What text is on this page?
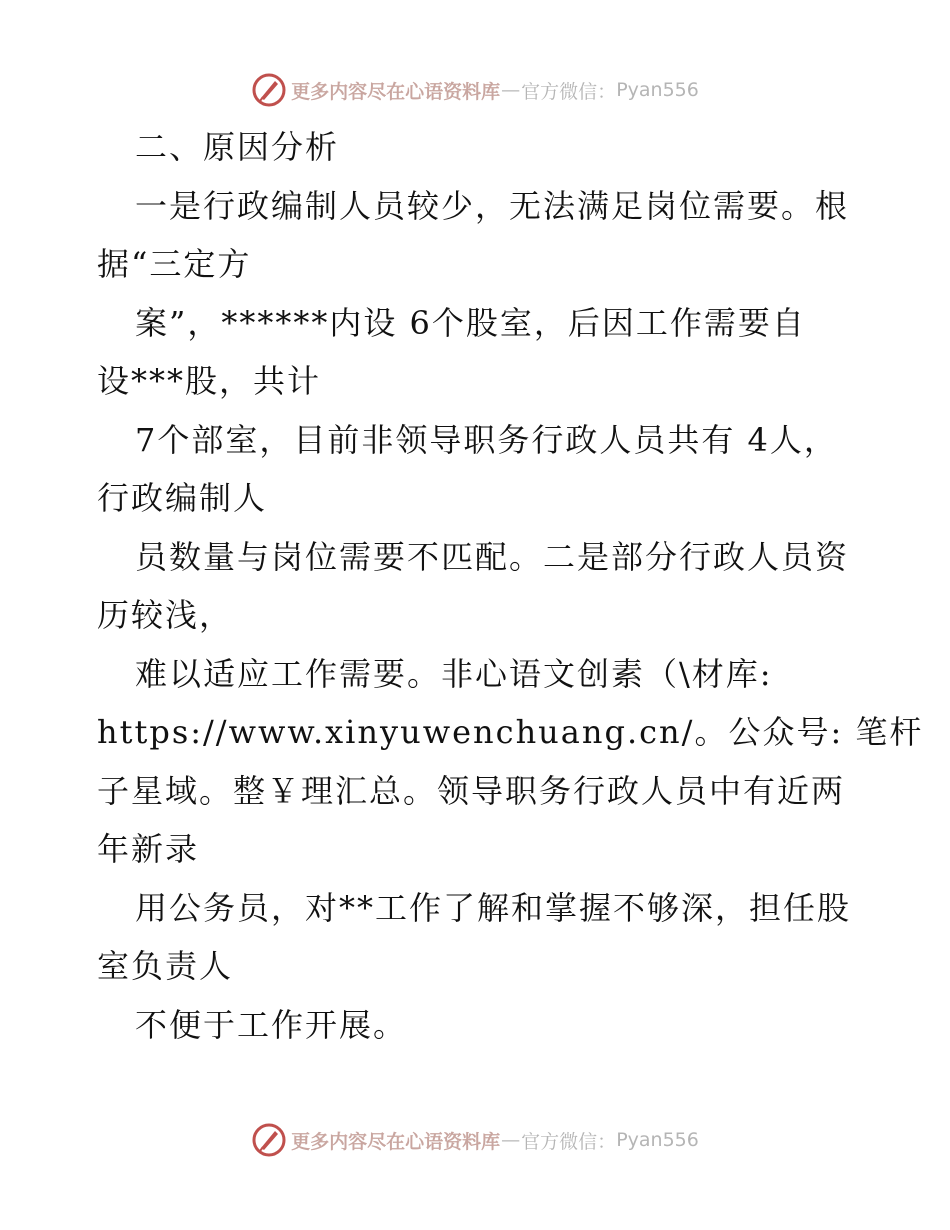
更多内容尽在心语资料库 — 官方微信： Pyan556
二、原因分析
一是行政编制人员较少，无法满足岗位需要。根
据“三定方
案”，******内设 6个股室，后因工作需要自
设***股，共计
7个部室，目前非领导职务行政人员共有 4人，
行政编制人
员数量与岗位需要不匹配。二是部分行政人员资
历较浅，
难以适应工作需要。非心语文创素（\材库:
https://www.xinyuwenchuang.cn/。公众号: 笔杆
子星域。整￥理汇总。领导职务行政人员中有近两
年新录
用公务员，对**工作了解和掌握不够深，担任股
室负责人
不便于工作开展。
更多内容尽在心语资料库 — 官方微信： Pyan556
